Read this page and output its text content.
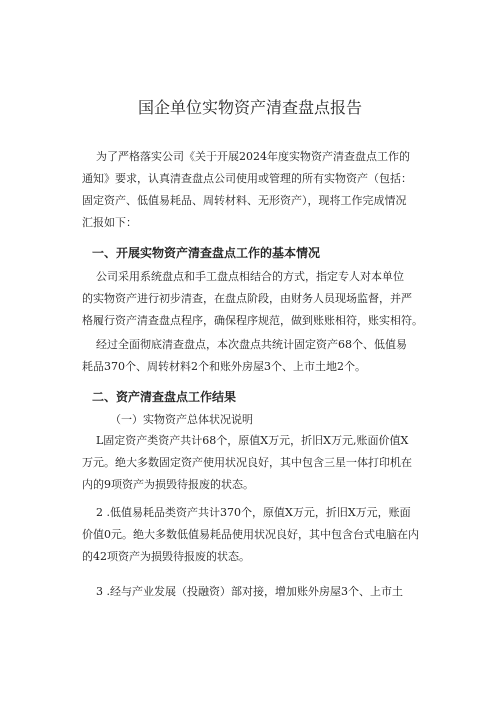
国企单位实物资产清查盘点报告

为了严格落实公司《关于开展2024年度实物资产清查盘点工作的
通知》要求，认真清查盘点公司使用或管理的所有实物资产（包括：
固定资产、低值易耗品、周转材料、无形资产），现将工作完成情况
汇报如下：

一、开展实物资产清查盘点工作的基本情况

公司采用系统盘点和手工盘点相结合的方式，指定专人对本单位
的实物资产进行初步清查，在盘点阶段，由财务人员现场监督，并严
格履行资产清查盘点程序，确保程序规范，做到账账相符，账实相符。

经过全面彻底清查盘点，本次盘点共统计固定资产68个、低值易
耗品370个、周转材料2个和账外房屋3个、上市土地2个。

二、资产清查盘点工作结果

（一）实物资产总体状况说明

L固定资产类资产共计68个，原值X万元，折旧X万元,账面价值X
万元。绝大多数固定资产使用状况良好，其中包含三星一体打印机在
内的9项资产为损毁待报废的状态。

2 .低值易耗品类资产共计370个，原值X万元，折旧X万元，账面
价值0元。绝大多数低值易耗品使用状况良好，其中包含台式电脑在内
的42项资产为损毁待报废的状态。

3 .经与产业发展（投融资）部对接，增加账外房屋3个、上市土
